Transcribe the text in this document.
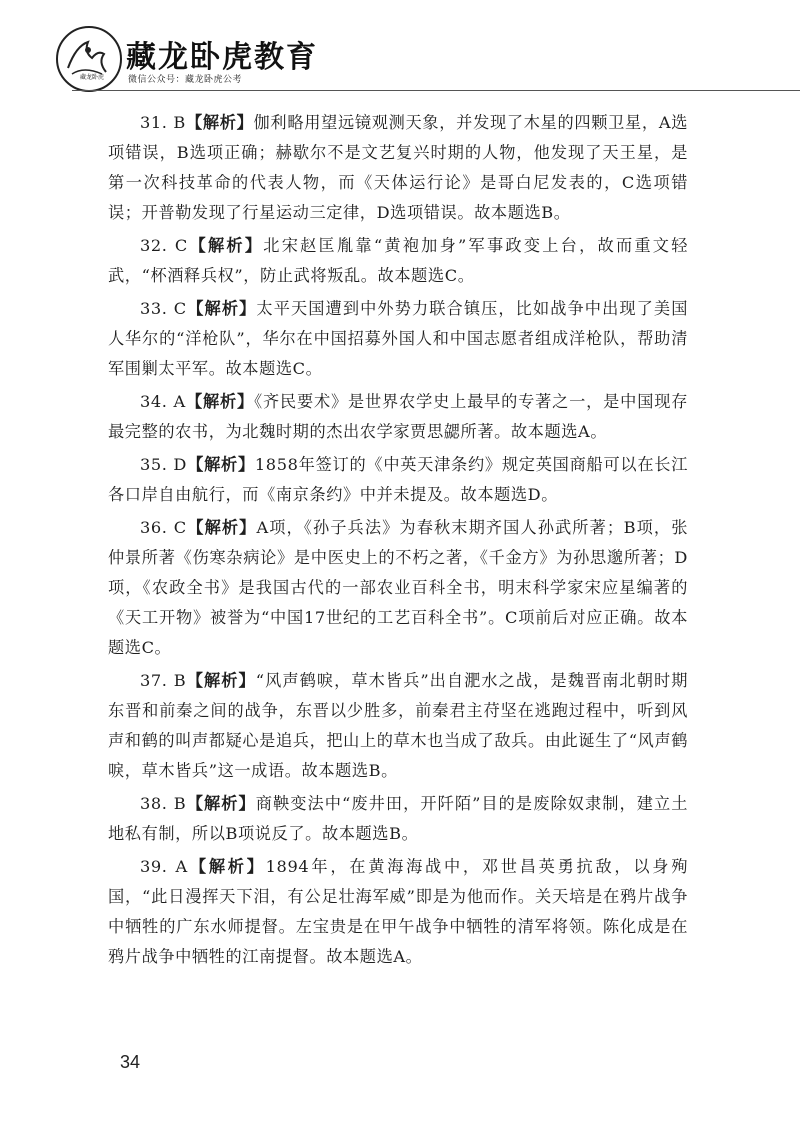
藏龙卧虎
藏龙卧虎教育
微信公众号：藏龙卧虎公考

31. B【解析】伽利略用望远镜观测天象，并发现了木星的四颗卫星，A选项错误，B选项正确；赫歇尔不是文艺复兴时期的人物，他发现了天王星，是第一次科技革命的代表人物，而《天体运行论》是哥白尼发表的，C选项错误；开普勒发现了行星运动三定律，D选项错误。故本题选B。

32. C【解析】北宋赵匡胤靠“黄袍加身”军事政变上台，故而重文轻武，“杯酒释兵权”，防止武将叛乱。故本题选C。

33. C【解析】太平天国遭到中外势力联合镇压，比如战争中出现了美国人华尔的“洋枪队”，华尔在中国招募外国人和中国志愿者组成洋枪队，帮助清军围剿太平军。故本题选C。

34. A【解析】《齐民要术》是世界农学史上最早的专著之一，是中国现存最完整的农书，为北魏时期的杰出农学家贾思勰所著。故本题选A。

35. D【解析】1858年签订的《中英天津条约》规定英国商船可以在长江各口岸自由航行，而《南京条约》中并未提及。故本题选D。

36. C【解析】A项，《孙子兵法》为春秋末期齐国人孙武所著；B项，张仲景所著《伤寒杂病论》是中医史上的不朽之著，《千金方》为孙思邈所著；D项，《农政全书》是我国古代的一部农业百科全书，明末科学家宋应星编著的《天工开物》被誉为“中国17世纪的工艺百科全书”。C项前后对应正确。故本题选C。

37. B【解析】“风声鹤唳，草木皆兵”出自淝水之战，是魏晋南北朝时期东晋和前秦之间的战争，东晋以少胜多，前秦君主苻坚在逃跑过程中，听到风声和鹤的叫声都疑心是追兵，把山上的草木也当成了敌兵。由此诞生了“风声鹤唳，草木皆兵”这一成语。故本题选B。

38. B【解析】商鞅变法中“废井田，开阡陌”目的是废除奴隶制，建立土地私有制，所以B项说反了。故本题选B。

39. A【解析】1894年，在黄海海战中，邓世昌英勇抗敌，以身殉国，“此日漫挥天下泪，有公足壮海军威”即是为他而作。关天培是在鸦片战争中牺牲的广东水师提督。左宝贵是在甲午战争中牺牲的清军将领。陈化成是在鸦片战争中牺牲的江南提督。故本题选A。

34
